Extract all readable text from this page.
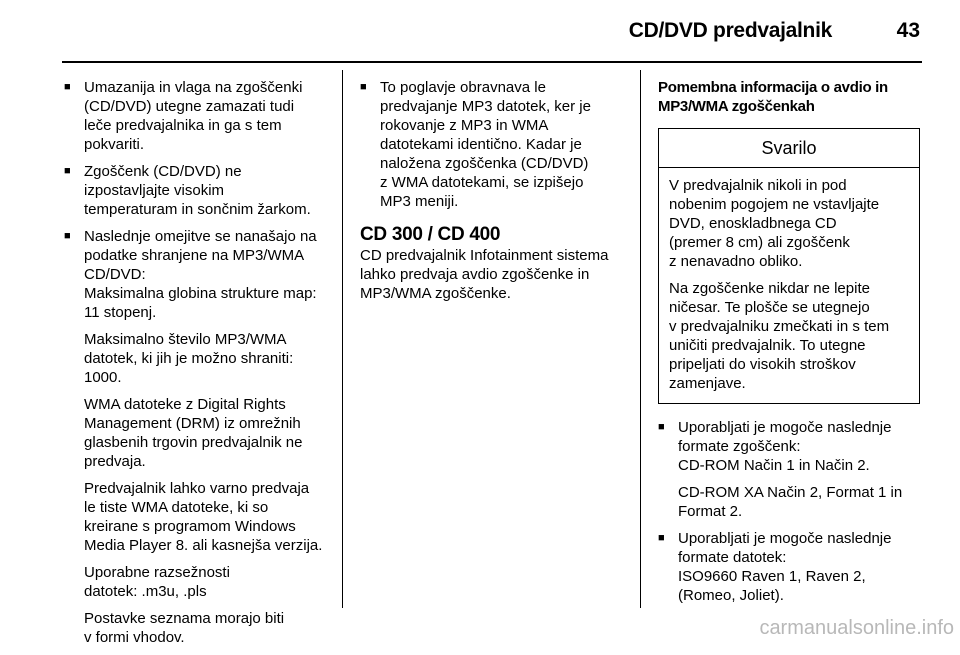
CD/DVD predvajalnik	43
■ Umazanija in vlaga na zgoščenki
(CD/DVD) utegne zamazati tudi
leče predvajalnika in ga s tem
pokvariti.
■ Zgoščenk (CD/DVD) ne
izpostavljajte visokim
temperaturam in sončnim žarkom.
■ Naslednje omejitve se nanašajo na
podatke shranjene na MP3/WMA
CD/DVD:

Maksimalna globina strukture map:
11 stopenj.

Maksimalno število MP3/WMA
datotek, ki jih je možno shraniti:
1000.

WMA datoteke z Digital Rights
Management (DRM) iz omrežnih
glasbenih trgovin predvajalnik ne
predvaja.

Predvajalnik lahko varno predvaja
le tiste WMA datoteke, ki so
kreirane s programom Windows
Media Player 8. ali kasnejša verzija.

Uporabne razsežnosti
datotek: .m3u, .pls

Postavke seznama morajo biti
v formi vhodov.

■ To poglavje obravnava le
predvajanje MP3 datotek, ker je
rokovanje z MP3 in WMA
datotekami identično. Kadar je
naložena zgoščenka (CD/DVD)
z WMA datotekami, se izpišejo
MP3 meniji.
CD 300 / CD 400

CD predvajalnik Infotainment sistema
lahko predvaja avdio zgoščenke in
MP3/WMA zgoščenke.

Pomembna informacija o avdio in
MP3/WMA zgoščenkah
Svarilo

V predvajalnik nikoli in pod
nobenim pogojem ne vstavljajte
DVD, enoskladbnega CD
(premer 8 cm) ali zgoščenk
z nenavadno obliko.

Na zgoščenke nikdar ne lepite
ničesar. Te plošče se utegnejo
v predvajalniku zmečkati in s tem
uničiti predvajalnik. To utegne
pripeljati do visokih stroškov
zamenjave.

■ Uporabljati je mogoče naslednje
formate zgoščenk:

CD-ROM Način 1 in Način 2.

CD-ROM XA Način 2, Format 1 in
Format 2.

■ Uporabljati je mogoče naslednje
formate datotek:

ISO9660 Raven 1, Raven 2,
(Romeo, Joliet).

carmanualsonline.info
